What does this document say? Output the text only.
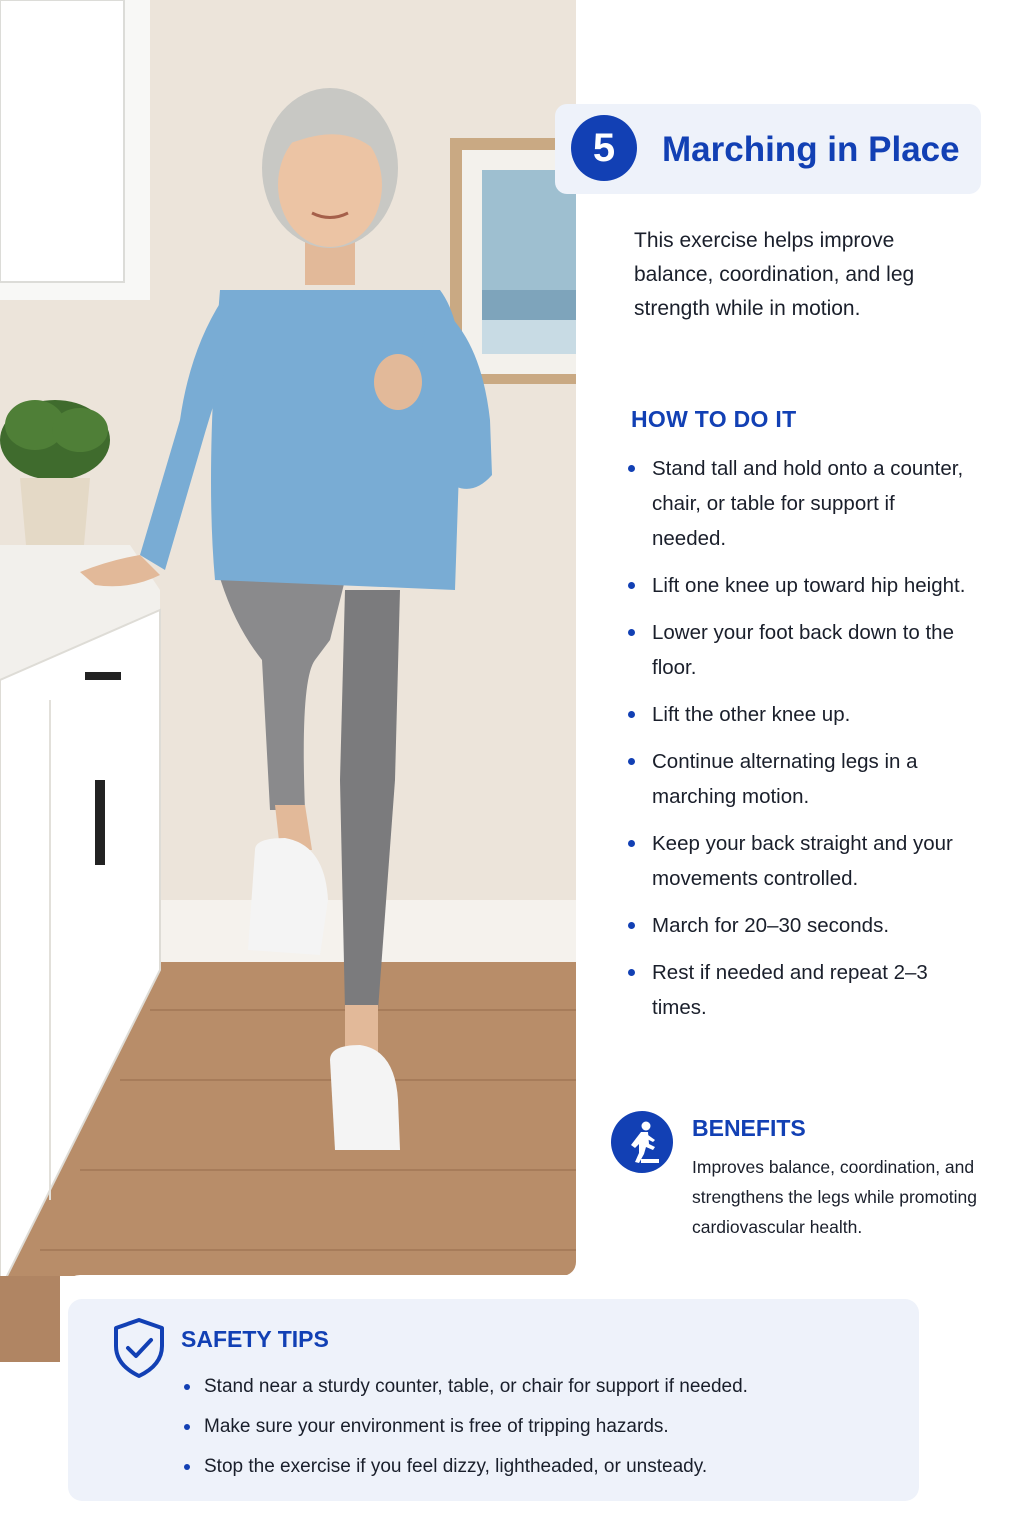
5	Marching in Place
This exercise helps improve balance, coordination, and leg strength while in motion.
HOW TO DO IT
Stand tall and hold onto a counter, chair, or table for support if needed.
Lift one knee up toward hip height.
Lower your foot back down to the floor.
Lift the other knee up.
Continue alternating legs in a marching motion.
Keep your back straight and your movements controlled.
March for 20–30 seconds.
Rest if needed and repeat 2–3 times.
BENEFITS
Improves balance, coordination, and strengthens the legs while promoting cardiovascular health.
SAFETY TIPS
Stand near a sturdy counter, table, or chair for support if needed.
Make sure your environment is free of tripping hazards.
Stop the exercise if you feel dizzy, lightheaded, or unsteady.
